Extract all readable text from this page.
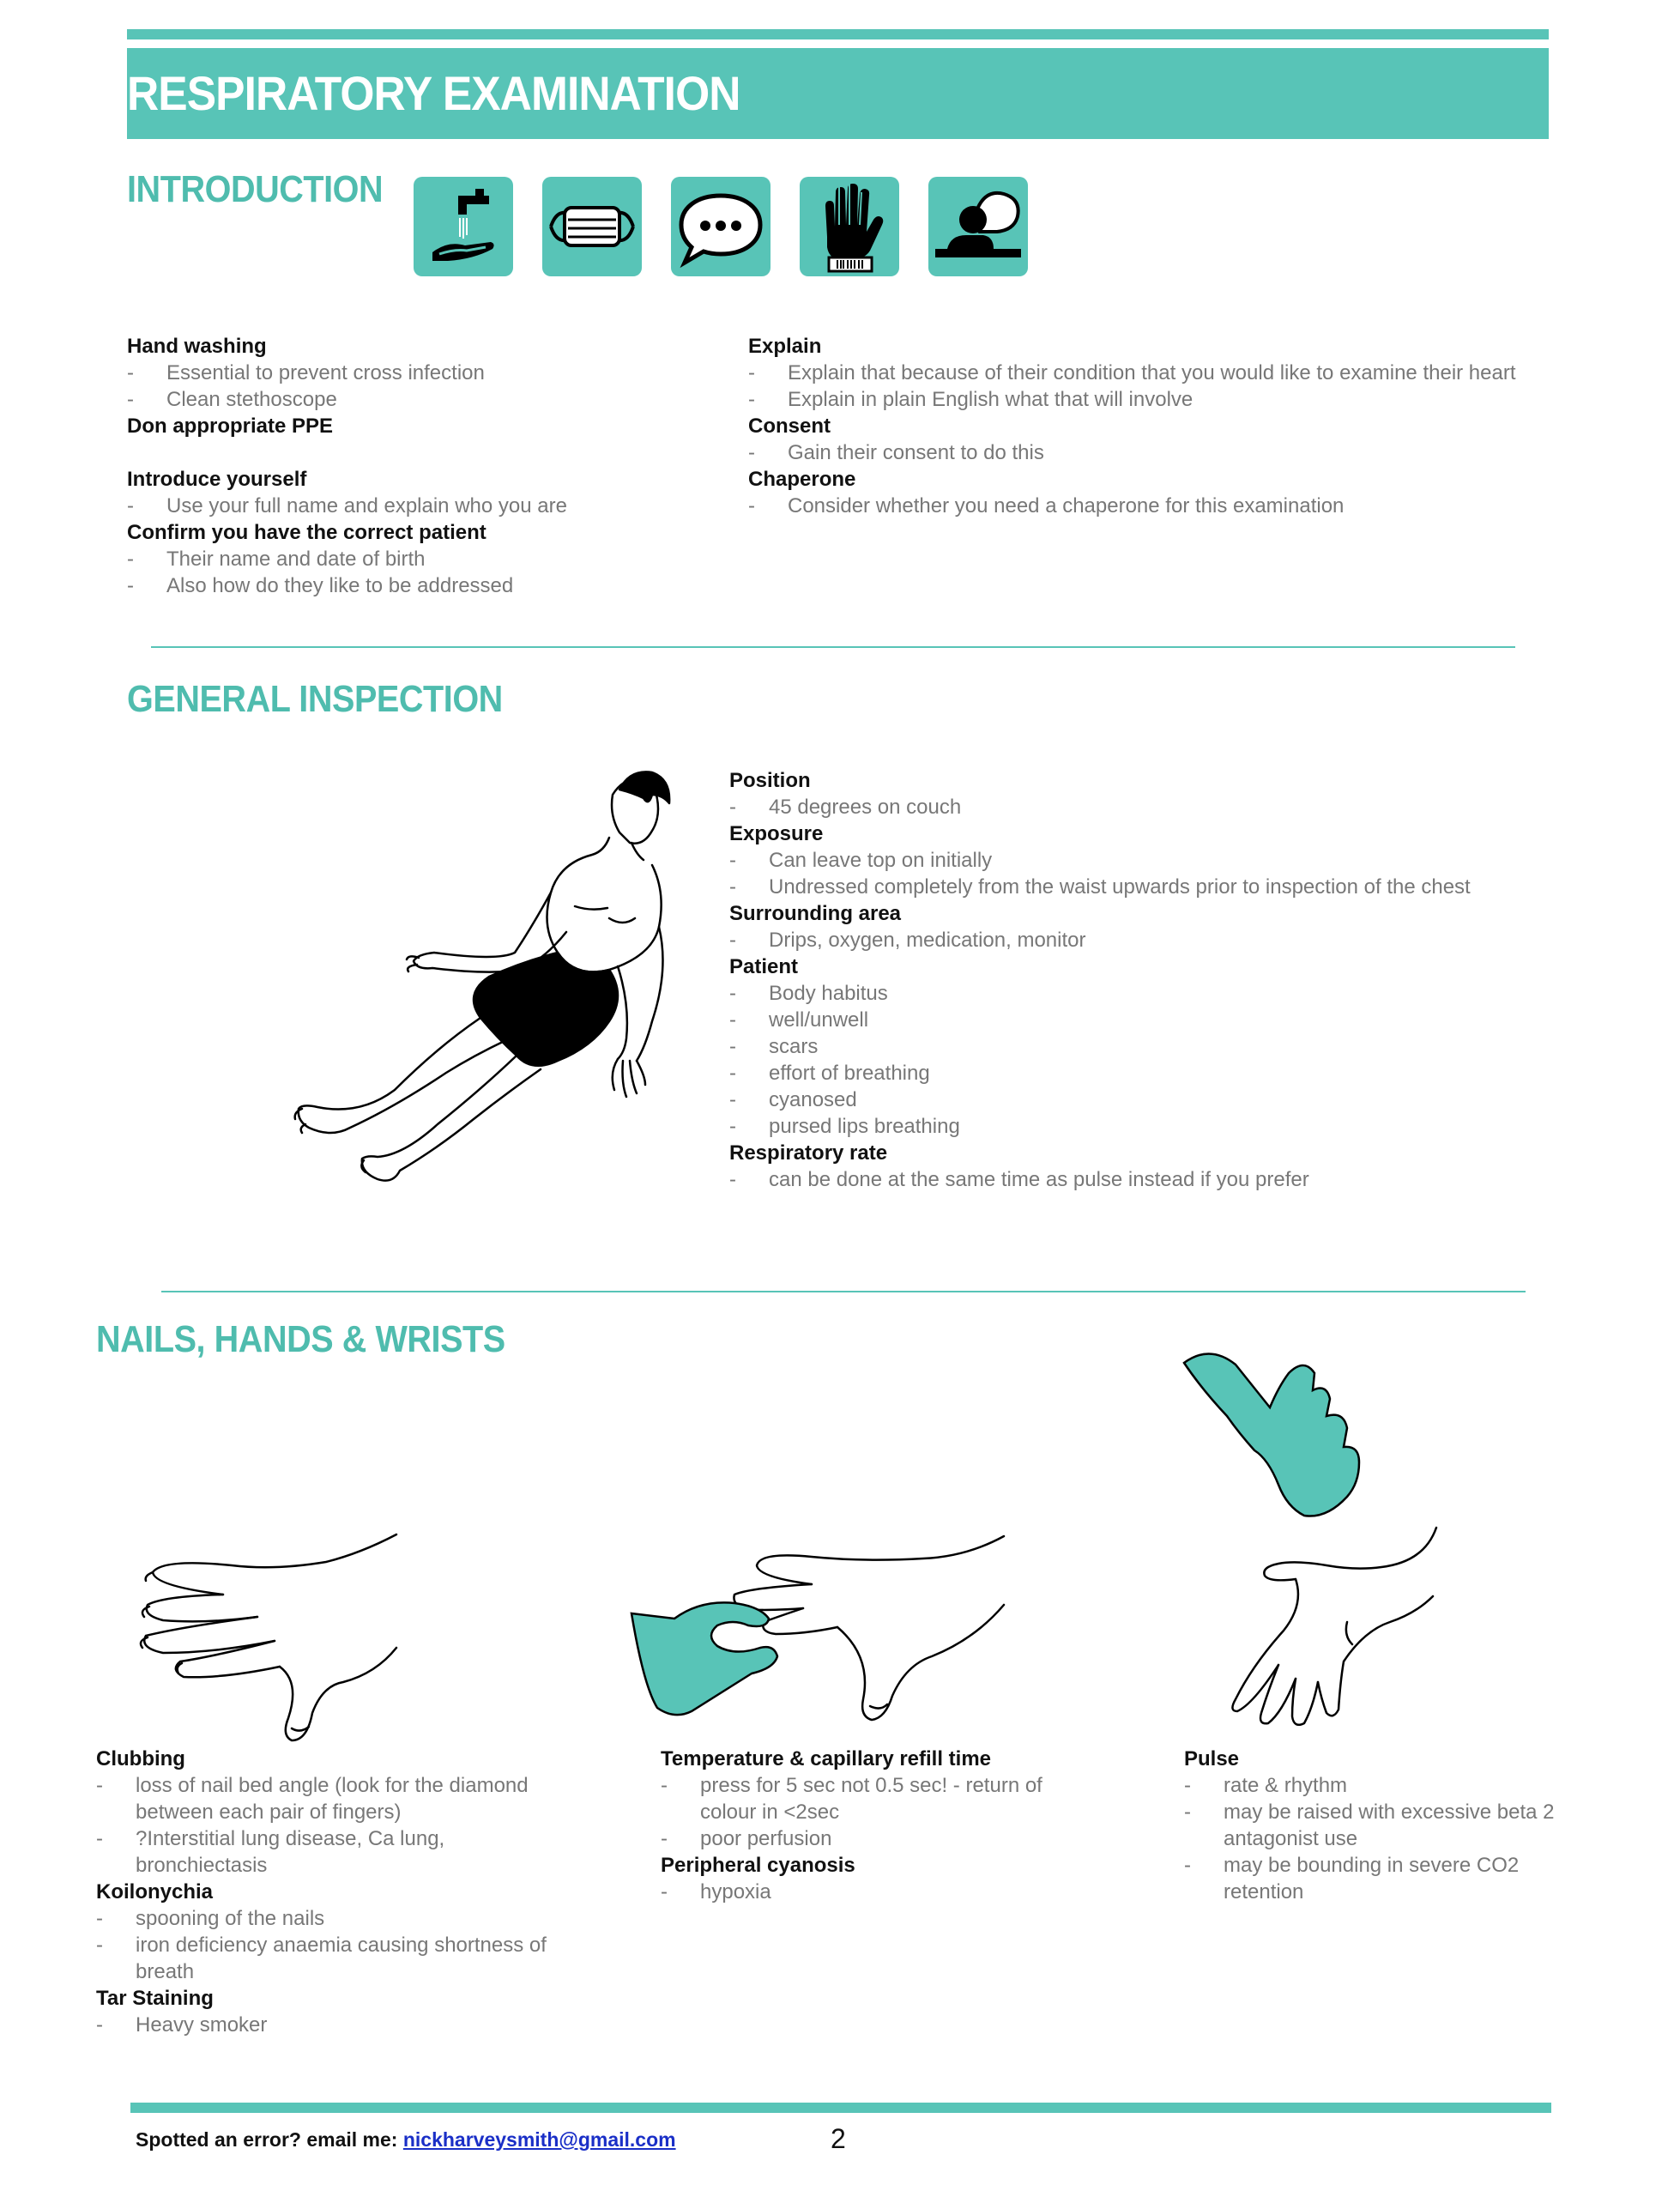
RESPIRATORY EXAMINATION
INTRODUCTION
Hand washing
- Essential to prevent cross infection
- Clean stethoscope
Don appropriate PPE
Introduce yourself
- Use your full name and explain who you are
Confirm you have the correct patient
- Their name and date of birth
- Also how do they like to be addressed
Explain
- Explain that because of their condition that you would like to examine their heart
- Explain in plain English what that will involve
Consent
- Gain their consent to do this
Chaperone
- Consider whether you need a chaperone for this examination
GENERAL INSPECTION
Position
- 45 degrees on couch
Exposure
- Can leave top on initially
- Undressed completely from the waist upwards prior to inspection of the chest
Surrounding area
- Drips, oxygen, medication, monitor
Patient
- Body habitus
- well/unwell
- scars
- effort of breathing
- cyanosed
- pursed lips breathing
Respiratory rate
- can be done at the same time as pulse instead if you prefer
NAILS, HANDS & WRISTS
Clubbing
- loss of nail bed angle (look for the diamond between each pair of fingers)
- ?Interstitial lung disease, Ca lung, bronchiectasis
Koilonychia
- spooning of the nails
- iron deficiency anaemia causing shortness of breath
Tar Staining
- Heavy smoker
Temperature & capillary refill time
- press for 5 sec not 0.5 sec! - return of colour in <2sec
- poor perfusion
Peripheral cyanosis
- hypoxia
Pulse
- rate & rhythm
- may be raised with excessive beta 2 antagonist use
- may be bounding in severe CO2 retention
Spotted an error? email me: nickharveysmith@gmail.com	2
